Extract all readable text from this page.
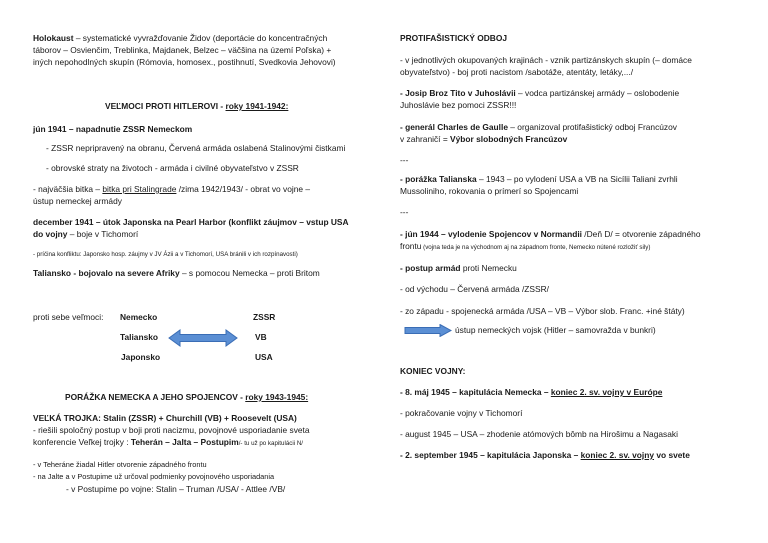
Holokaust – systematické vyvražďovanie Židov (deportácie do koncentračných
táborov – Osvienčim, Treblinka, Majdanek, Belzec – väčšina na území Poľska) +
iných nepohodlných skupín (Rómovia, homosex., postihnutí, Svedkovia Jehovovi)
VEĽMOCI PROTI HITLEROVI - roky 1941-1942:
jún 1941 – napadnutie ZSSR Nemeckom
- ZSSR nepripravený na obranu, Červená armáda oslabená Stalinovými čistkami
- obrovské straty na životoch - armáda i civilné obyvateľstvo v ZSSR
- najväčšia bitka – bitka pri Stalingrade /zima 1942/1943/ - obrat vo vojne –
ústup nemeckej armády
december 1941 – útok Japonska na Pearl Harbor (konflikt záujmov – vstup USA
do vojny – boje v Tichomorí
- príčina konfliktu: Japonsko hosp. záujmy v JV Ázii a v Tichomorí, USA bránili v ich rozpínavosti)
Taliansko - bojovalo na severe Afriky – s pomocou Nemecka – proti Britom
proti sebe veľmoci: Nemecko
Taliansko
Japonsko
ZSSR
VB
USA
PORÁŽKA NEMECKA A JEHO SPOJENCOV - roky 1943-1945:
VEĽKÁ TROJKA: Stalin (ZSSR) + Churchill (VB) + Roosevelt (USA)
- riešili spoločný postup v boji proti nacizmu, povojnové usporiadanie sveta
konferencie Veľkej trojky : Teherán – Jalta – Postupim/- tu už po kapitulácii N/
- v Teheráne žiadal Hitler otvorenie západného frontu
- na Jalte a v Postupime už určoval podmienky povojnového usporiadania
- v Postupime po vojne: Stalin – Truman /USA/ - Attlee /VB/
PROTIFAŠISTICKÝ ODBOJ
- v jednotlivých okupovaných krajinách - vznik partizánskych skupín (– domáce
obyvateľstvo) - boj proti nacistom /sabotáže, atentáty, letáky,.../
- Josip Broz Tito v Juhoslávii – vodca partizánskej armády – oslobodenie
Juhoslávie bez pomoci ZSSR!!!
- generál Charles de Gaulle – organizoval protifašistický odboj Francúzov
v zahraničí = Výbor slobodných Francúzov
---
- porážka Talianska – 1943 – po vylodení USA a VB na Sicílii Taliani zvrhli
Mussoliniho, rokovania o prímerí so Spojencami
---
- jún 1944 – vylodenie Spojencov v Normandii /Deň D/ = otvorenie západného
frontu (vojna teda je na východnom aj na západnom fronte, Nemecko nútené rozložiť sily)
- postup armád proti Nemecku
- od východu – Červená armáda /ZSSR/
- zo západu - spojenecká armáda /USA – VB – Výbor slob. Franc. +iné štáty)
ústup nemeckých vojsk (Hitler – samovražda v bunkri)
KONIEC VOJNY:
- 8. máj 1945 – kapitulácia Nemecka – koniec 2. sv. vojny v Európe
- pokračovanie vojny v Tichomorí
- august 1945 – USA – zhodenie atómových bômb na Hirošimu a Nagasaki
- 2. september 1945 – kapitulácia Japonska – koniec 2. sv. vojny vo svete
